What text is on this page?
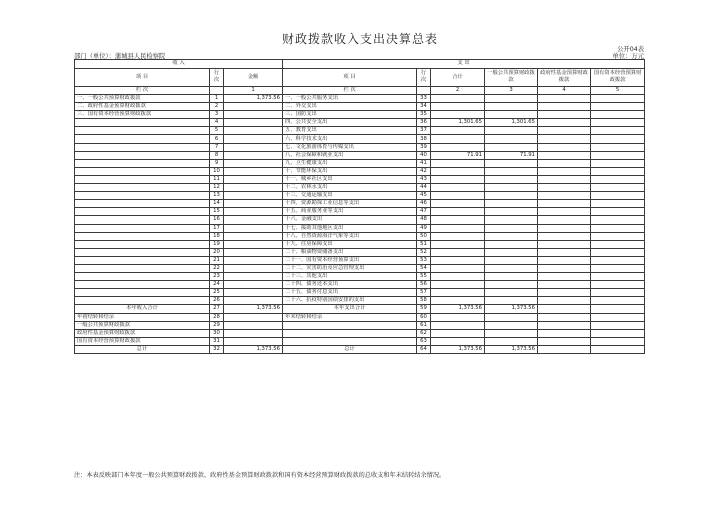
财政拨款收入支出决算总表
公开04表
部门（单位）：蒲城县人民检察院	单位：万元
收 入			支 出					
项 目	行次	金额	项 目	行次	合计	一般公共预算财政拨款	政府性基金预算财政拨款	国有资本经营预算财政拨款
栏 次		1	栏 次		2	3	4	5
一、一般公共预算财政拨款	1	1,373.56	一、一般公共服务支出	33				
二、政府性基金预算财政拨款	2		二、外交支出	34				
三、国有资本经营预算财政拨款	3		三、国防支出	35				
	4		四、公共安全支出	36	1,301.65	1,301.65		
	5		五、教育支出	37				
	6		六、科学技术支出	38				
	7		七、文化旅游体育与传媒支出	39				
	8		八、社会保障和就业支出	40	71.91	71.91		
	9		九、卫生健康支出	41				
	10		十、节能环保支出	42				
	11		十一、城乡社区支出	43				
	12		十二、农林水支出	44				
	13		十三、交通运输支出	45				
	14		十四、资源勘探工业信息等支出	46				
	15		十五、商业服务业等支出	47				
	16		十六、金融支出	48				
	17		十七、援助其他地区支出	49				
	18		十八、自然资源海洋气象等支出	50				
	19		十九、住房保障支出	51				
	20		二十、粮油物资储备支出	52				
	21		二十一、国有资本经营预算支出	53				
	22		二十二、灾害防治及应急管理支出	54				
	23		二十三、其他支出	55				
	24		二十四、债务还本支出	56				
	25		二十五、债务付息支出	57				
	26		二十六、抗疫特别国债安排的支出	58				
本年收入合计	27	1,373.56	本年支出合计	59	1,373.56	1,373.56		
年初结转和结余	28		年末结转和结余	60				
一般公共预算财政拨款	29			61				
政府性基金预算财政拨款	30			62				
国有资本经营预算财政拨款	31			63				
总计	32	1,373.56	总计	64	1,373.56	1,373.56		
注：本表反映部门本年度一般公共预算财政拨款、政府性基金预算财政拨款和国有资本经营预算财政拨款的总收支和年末结转结余情况。
